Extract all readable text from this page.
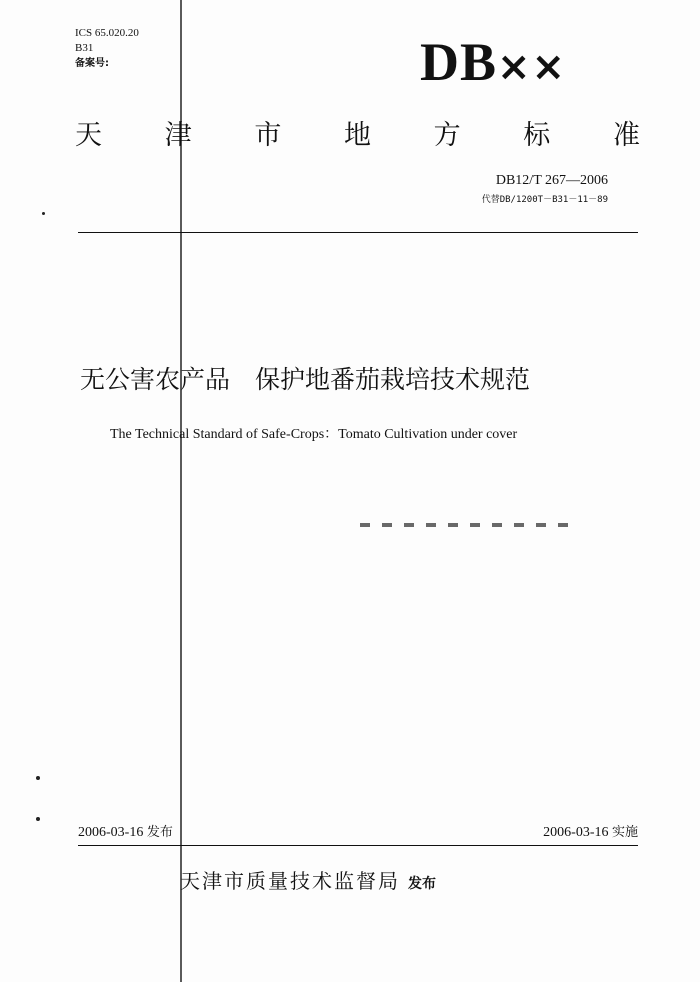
ICS 65.020.20
B31
备案号:	DB××
天 津 市 地 方 标 准
DB12/T 267—2006
代替DB/1200T－B31－11－89
无公害农产品　保护地番茄栽培技术规范
The Technical Standard of Safe-Crops：Tomato Cultivation under cover
2006-03-16 发布	2006-03-16 实施
天津市质量技术监督局 发布
